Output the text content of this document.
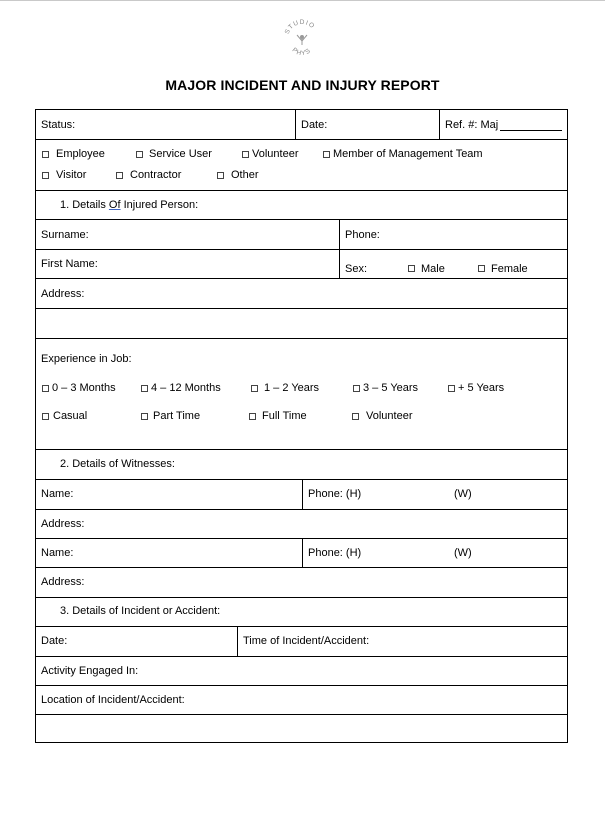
STUDIO
PHYS
MAJOR INCIDENT AND INJURY REPORT
Status:	Date:	Ref. #: Maj
Employee	Service User	Volunteer	Member of Management Team
Visitor	Contractor	Other
1. Details Of Injured Person:
Surname:	Phone:
First Name:	Sex:	Male	Female
Address:
Experience in Job:
0 – 3 Months	4 – 12 Months	1 – 2 Years	3 – 5 Years	+ 5 Years
Casual	Part Time	Full Time	Volunteer
2. Details of Witnesses:
Name:	Phone: (H)	(W)
Address:
Name:	Phone: (H)	(W)
Address:
3. Details of Incident or Accident:
Date:	Time of Incident/Accident:
Activity Engaged In:
Location of Incident/Accident:
